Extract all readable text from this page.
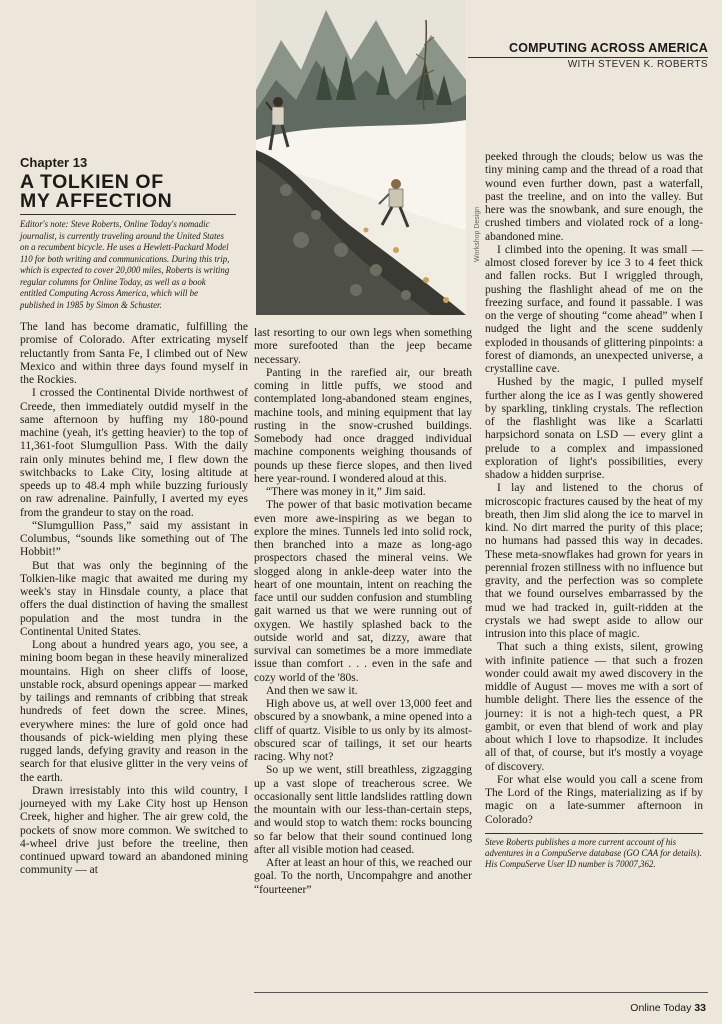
Workshop Design
COMPUTING ACROSS AMERICA
WITH STEVEN K. ROBERTS
Chapter 13
A TOLKIEN OF
MY AFFECTION
Editor's note: Steve Roberts, Online Today's nomadic journalist, is currently traveling around the United States on a recumbent bicycle. He uses a Hewlett-Packard Model 110 for both writing and communications. During this trip, which is expected to cover 20,000 miles, Roberts is writing regular columns for Online Today, as well as a book entitled Computing Across America, which will be published in 1985 by Simon & Schuster.

The land has become dramatic, fulfilling the promise of Colorado. After extricating myself reluctantly from Santa Fe, I climbed out of New Mexico and within three days found myself in the Rockies.

I crossed the Continental Divide northwest of Creede, then immediately outdid myself in the same afternoon by huffing my 180-pound machine (yeah, it's getting heavier) to the top of 11,361-foot Slumgullion Pass. With the daily rain only minutes behind me, I flew down the switchbacks to Lake City, losing altitude at speeds up to 48.4 mph while buzzing furiously on raw adrenaline. Painfully, I averted my eyes from the grandeur to stay on the road.

“Slumgullion Pass,” said my assistant in Columbus, “sounds like something out of The Hobbit!”

But that was only the beginning of the Tolkien-like magic that awaited me during my week's stay in Hinsdale county, a place that offers the dual distinction of having the smallest population and the most tundra in the Continental United States.

Long about a hundred years ago, you see, a mining boom began in these heavily mineralized mountains. High on sheer cliffs of loose, unstable rock, absurd openings appear — marked by tailings and remnants of cribbing that streak hundreds of feet down the scree. Mines, everywhere mines: the lure of gold once had thousands of pick-wielding men plying these rugged lands, defying gravity and reason in the search for that elusive glitter in the very veins of the earth.

Drawn irresistably into this wild country, I journeyed with my Lake City host up Henson Creek, higher and higher. The air grew cold, the pockets of snow more common. We switched to 4-wheel drive just before the treeline, then continued upward toward an abandoned mining community — at

last resorting to our own legs when something more surefooted than the jeep became necessary.

Panting in the rarefied air, our breath coming in little puffs, we stood and contemplated long-abandoned steam engines, machine tools, and mining equipment that lay rusting in the snow-crushed buildings. Somebody had once dragged individual machine components weighing thousands of pounds up these fierce slopes, and then lived here year-round. I wondered aloud at this.

“There was money in it,” Jim said.

The power of that basic motivation became even more awe-inspiring as we began to explore the mines. Tunnels led into solid rock, then branched into a maze as long-ago prospectors chased the mineral veins. We slogged along in ankle-deep water into the heart of one mountain, intent on reaching the face until our sudden confusion and stumbling gait warned us that we were running out of oxygen. We hastily splashed back to the outside world and sat, dizzy, aware that survival can sometimes be a more immediate issue than comfort . . . even in the safe and cozy world of the '80s.

And then we saw it.

High above us, at well over 13,000 feet and obscured by a snowbank, a mine opened into a cliff of quartz. Visible to us only by its almost-obscured scar of tailings, it set our hearts racing. Why not?

So up we went, still breathless, zigzagging up a vast slope of treacherous scree. We occasionally sent little landslides rattling down the mountain with our less-than-certain steps, and would stop to watch them: rocks bouncing so far below that their sound continued long after all visible motion had ceased.

After at least an hour of this, we reached our goal. To the north, Uncompahgre and another “fourteener”

peeked through the clouds; below us was the tiny mining camp and the thread of a road that wound even further down, past a waterfall, past the treeline, and on into the valley. But here was the snowbank, and sure enough, the crushed timbers and violated rock of a long-abandoned mine.

I climbed into the opening. It was small — almost closed forever by ice 3 to 4 feet thick and fallen rocks. But I wriggled through, pushing the flashlight ahead of me on the freezing surface, and found it passable. I was on the verge of shouting “come ahead” when I nudged the light and the scene suddenly exploded in thousands of glittering pinpoints: a forest of diamonds, an unexpected universe, a crystalline cave.

Hushed by the magic, I pulled myself further along the ice as I was gently showered by sparkling, tinkling crystals. The reflection of the flashlight was like a Scarlatti harpsichord sonata on LSD — every glint a prelude to a complex and impassioned exploration of light's possibilities, every shadow a hidden surprise.

I lay and listened to the chorus of microscopic fractures caused by the heat of my breath, then Jim slid along the ice to marvel in kind. No dirt marred the purity of this place; no humans had passed this way in decades. These meta-snowflakes had grown for years in perennial frozen stillness with no influence but gravity, and the perfection was so complete that we found ourselves embarrassed by the mud we had tracked in, guilt-ridden at the crystals we had swept aside to allow our intrusion into this place of magic.

That such a thing exists, silent, growing with infinite patience — that such a frozen wonder could await my awed discovery in the middle of August — moves me with a sort of humble delight. There lies the essence of the journey: it is not a high-tech quest, a PR gambit, or even that blend of work and play about which I love to rhapsodize. It includes all of that, of course, but it's mostly a voyage of discovery.

For what else would you call a scene from The Lord of the Rings, materializing as if by magic on a late-summer afternoon in Colorado?

Steve Roberts publishes a more current account of his adventures in a CompuServe database (GO CAA for details). His CompuServe User ID number is 70007,362.
Online Today 33
